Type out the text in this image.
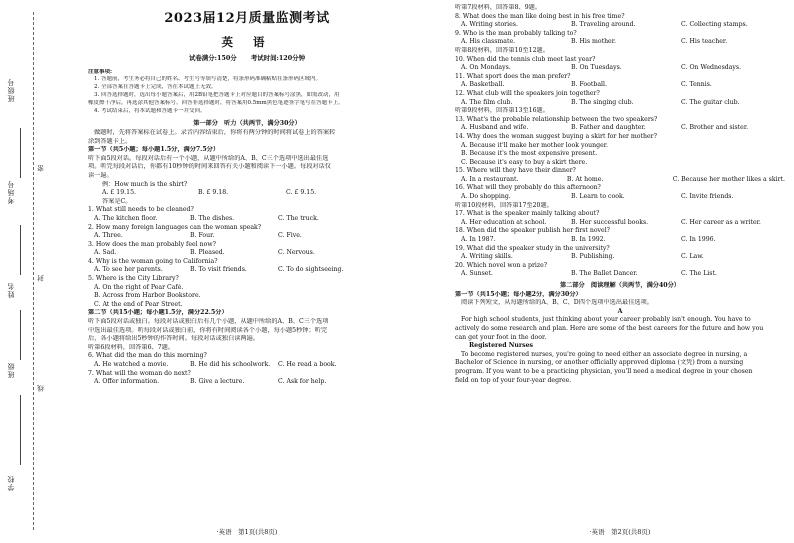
班级号
考场号
姓名
班级
学校
密
封
线
2023届12月质量监测考试
英 语
试卷满分:150分 考试时间:120分钟
注意事项:
1. 答题前，考生务必将自己的姓名、考生号等填写清楚，将条形码准确粘贴在条形码区域内。
2. 全部答案在答题卡上完成，答在本试题上无效。
3. 回答选择题时，选出每小题答案后，用2B铅笔把答题卡上对应题目的答案标号涂黑，如需改动，用
橡皮擦干净后，再选涂其他答案标号。回答非选择题时，将答案用0.5mm黑色笔迹签字笔写在答题卡上。
4. 考试结束后，将本试题和答题卡一并交回。
第一部分　听力（共两节，满分30分）
做题时，先将答案标在试卷上。录音内容结束后，你将有两分钟的时间将试卷上的答案转
涂到答题卡上。
第一节（共5小题；每小题1.5分，满分7.5分）
听下面5段对话。每段对话后有一个小题，从题中所给的A、B、C三个选项中选出最佳选
项。听完每段对话后，你都有10秒钟的时间来回答有关小题和阅读下一小题。每段对话仅
读一遍。
例：How much is the shirt?
A. £ 19.15.	B. £ 9.18.	C. £ 9.15.
答案是C。
1. What still needs to be cleaned?
A. The kitchen floor.	B. The dishes.	C. The truck.
2. How many foreign languages can the woman speak?
A. Three.	B. Four.	C. Five.
3. How does the man probably feel now?
A. Sad.	B. Pleased.	C. Nervous.
4. Why is the woman going to California?
A. To see her parents.	B. To visit friends.	C. To do sightseeing.
5. Where is the City Library?
A. On the right of Pear Café.
B. Across from Harbor Bookstore.
C. At the end of Pear Street.
第二节（共15小题；每小题1.5分，满分22.5分）
听下面5段对话或独白。每段对话或独白后有几个小题，从题中所给的A、B、C三个选项
中选出最佳选项。听每段对话或独白前，你将有时间阅读各个小题，每小题5秒钟；听完
后，各小题将给出5秒钟的作答时间。每段对话或独白读两遍。
听第6段材料，回答第6、7题。
6. What did the man do this morning?
A. He watched a movie.	B. He did his schoolwork.	C. He read a book.
7. What will the woman do next?
A. Offer information.	B. Give a lecture.	C. Ask for help.
·英语　第1页(共8页)
听第7段材料，回答第8、9题。
8. What does the man like doing best in his free time?
A. Writing stories.	B. Traveling around.	C. Collecting stamps.
9. Who is the man probably talking to?
A. His classmate.	B. His mother.	C. His teacher.
听第8段材料，回答第10至12题。
10. When did the tennis club meet last year?
A. On Mondays.	B. On Tuesdays.	C. On Wednesdays.
11. What sport does the man prefer?
A. Basketball.	B. Football.	C. Tennis.
12. What club will the speakers join together?
A. The film club.	B. The singing club.	C. The guitar club.
听第9段材料，回答第13至16题。
13. What's the probable relationship between the two speakers?
A. Husband and wife.	B. Father and daughter.	C. Brother and sister.
14. Why does the woman suggest buying a skirt for her mother?
A. Because it'll make her mother look younger.
B. Because it's the most expensive present.
C. Because it's easy to buy a skirt there.
15. Where will they have their dinner?
A. In a restaurant.	B. At home.	C. Because her mother likes a skirt.
16. What will they probably do this afternoon?
A. Do shopping.	B. Learn to cook.	C. Invite friends.
听第10段材料，回答第17至20题。
17. What is the speaker mainly talking about?
A. Her education at school.	B. Her successful books.	C. Her career as a writer.
18. When did the speaker publish her first novel?
A. In 1987.	B. In 1992.	C. In 1996.
19. What did the speaker study in the university?
A. Writing skills.	B. Publishing.	C. Law.
20. Which novel won a prize?
A. Sunset.	B. The Ballet Dancer.	C. The List.
第二部分　阅读理解（共两节，满分40分）
第一节（共15小题；每小题2分，满分30分）
阅读下列短文，从每题所给的A、B、C、D四个选项中选出最佳选项。
A
For high school students, just thinking about your career probably isn't enough. You have to
actively do some research and plan. Here are some of the best careers for the future and how you
can get your foot in the door.
Registered Nurses
To become registered nurses, you're going to need either an associate degree in nursing, a
Bachelor of Science in nursing, or another officially approved diploma (文凭) from a nursing
program. If you want to be a practicing physician, you'll need a medical degree in your chosen
field on top of your four-year degree.
·英语　第2页(共8页)
